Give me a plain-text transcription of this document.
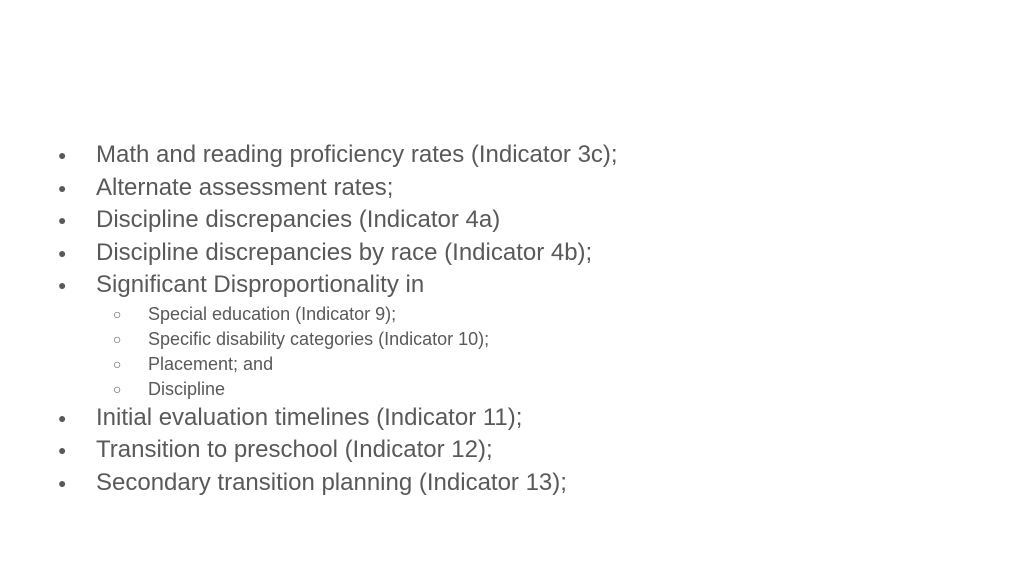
● Math and reading proficiency rates (Indicator 3c);
● Alternate assessment rates;
● Discipline discrepancies (Indicator 4a)
● Discipline discrepancies by race (Indicator 4b);
● Significant Disproportionality in
○ Special education (Indicator 9);
○ Specific disability categories (Indicator 10);
○ Placement; and
○ Discipline
● Initial evaluation timelines (Indicator 11);
● Transition to preschool (Indicator 12);
● Secondary transition planning (Indicator 13);
